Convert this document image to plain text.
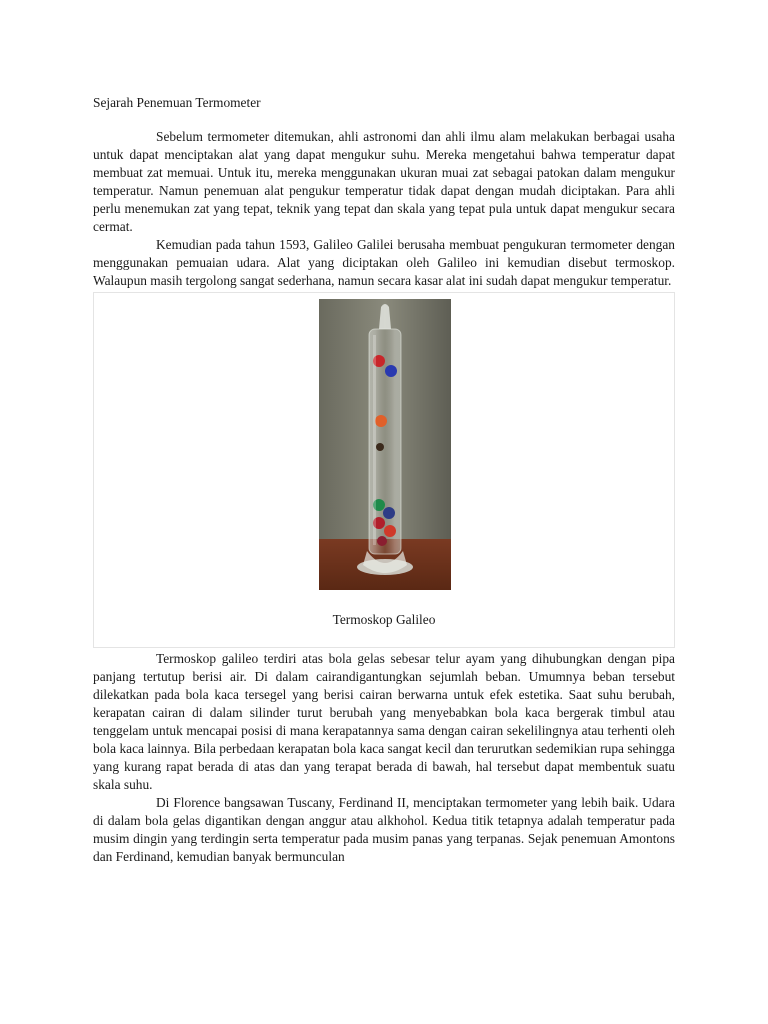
Sejarah Penemuan Termometer

Sebelum termometer ditemukan, ahli astronomi dan ahli ilmu alam melakukan berbagai usaha untuk dapat menciptakan alat yang dapat mengukur suhu. Mereka mengetahui bahwa temperatur dapat membuat zat memuai. Untuk itu, mereka menggunakan ukuran muai zat sebagai patokan dalam mengukur temperatur. Namun penemuan alat pengukur temperatur tidak dapat dengan mudah diciptakan. Para ahli perlu menemukan zat yang tepat, teknik yang tepat dan skala yang tepat pula untuk dapat mengukur secara cermat.

Kemudian pada tahun 1593, Galileo Galilei berusaha membuat pengukuran termometer dengan menggunakan pemuaian udara. Alat yang diciptakan oleh Galileo ini kemudian disebut termoskop. Walaupun masih tergolong sangat sederhana, namun secara kasar alat ini sudah dapat mengukur temperatur.

Termoskop Galileo

Termoskop galileo terdiri atas bola gelas sebesar telur ayam yang dihubungkan dengan pipa panjang tertutup berisi air. Di dalam cairandigantungkan sejumlah beban. Umumnya beban tersebut dilekatkan pada bola kaca tersegel yang berisi cairan berwarna untuk efek estetika. Saat suhu berubah, kerapatan cairan di dalam silinder turut berubah yang menyebabkan bola kaca bergerak timbul atau tenggelam untuk mencapai posisi di mana kerapatannya sama dengan cairan sekelilingnya atau terhenti oleh bola kaca lainnya. Bila perbedaan kerapatan bola kaca sangat kecil dan terurutkan sedemikian rupa sehingga yang kurang rapat berada di atas dan yang terapat berada di bawah, hal tersebut dapat membentuk suatu skala suhu.

Di Florence bangsawan Tuscany, Ferdinand II, menciptakan termometer yang lebih baik. Udara di dalam bola gelas digantikan dengan anggur atau alkhohol. Kedua titik tetapnya adalah temperatur pada musim dingin yang terdingin serta temperatur pada musim panas yang terpanas. Sejak penemuan Amontons dan Ferdinand, kemudian banyak bermunculan
